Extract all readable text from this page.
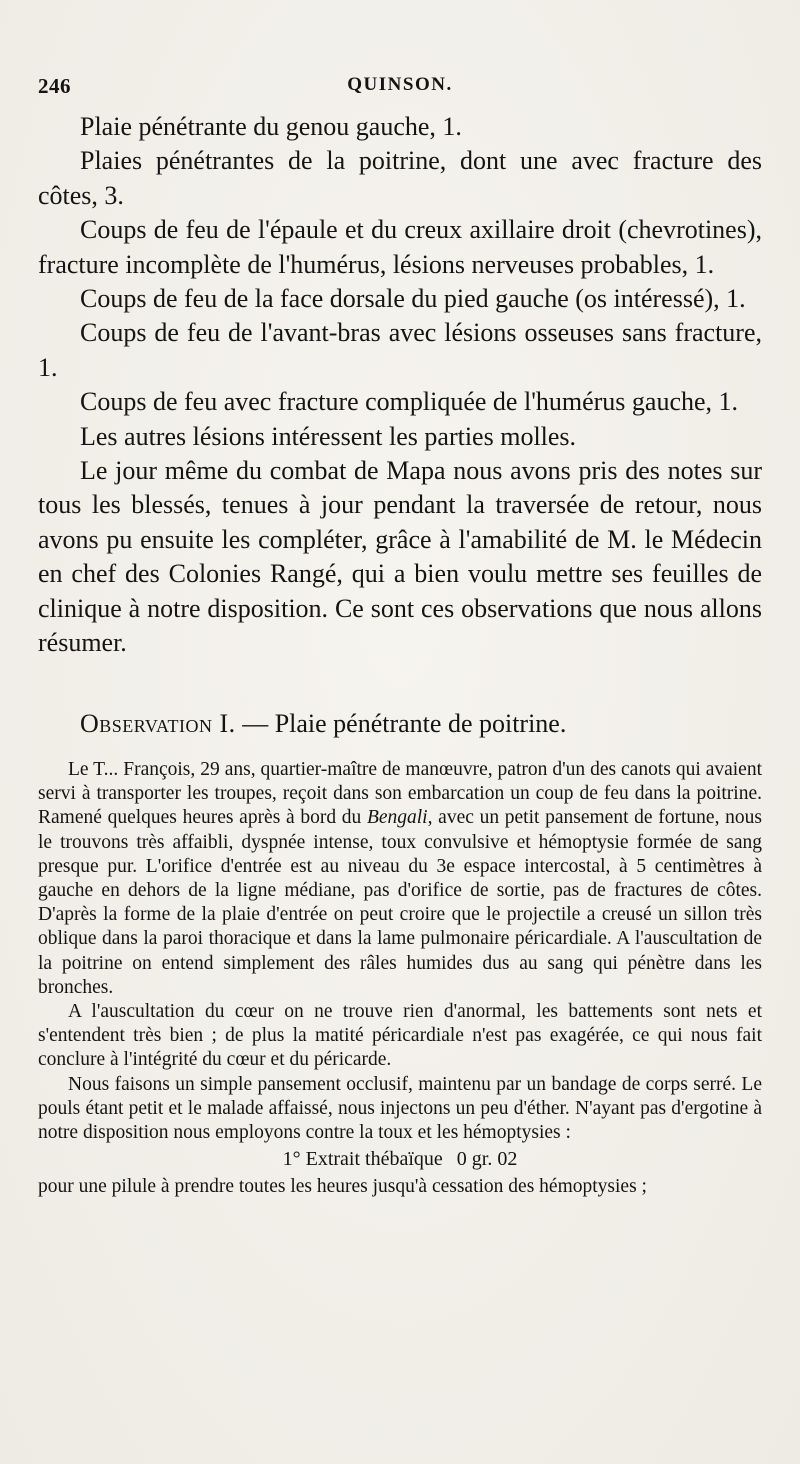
246	QUINSON.

Plaie pénétrante du genou gauche, 1.

Plaies pénétrantes de la poitrine, dont une avec fracture des côtes, 3.

Coups de feu de l'épaule et du creux axillaire droit (chevrotines), fracture incomplète de l'humérus, lésions nerveuses probables, 1.

Coups de feu de la face dorsale du pied gauche (os intéressé), 1.

Coups de feu de l'avant-bras avec lésions osseuses sans fracture, 1.

Coups de feu avec fracture compliquée de l'humérus gauche, 1.

Les autres lésions intéressent les parties molles.

Le jour même du combat de Mapa nous avons pris des notes sur tous les blessés, tenues à jour pendant la traversée de retour, nous avons pu ensuite les compléter, grâce à l'amabilité de M. le Médecin en chef des Colonies Rangé, qui a bien voulu mettre ses feuilles de clinique à notre disposition. Ce sont ces observations que nous allons résumer.

Observation I. — Plaie pénétrante de poitrine.

Le T... François, 29 ans, quartier-maître de manœuvre, patron d'un des canots qui avaient servi à transporter les troupes, reçoit dans son embarcation un coup de feu dans la poitrine. Ramené quelques heures après à bord du Bengali, avec un petit pansement de fortune, nous le trouvons très affaibli, dyspnée intense, toux convulsive et hémoptysie formée de sang presque pur. L'orifice d'entrée est au niveau du 3e espace intercostal, à 5 centimètres à gauche en dehors de la ligne médiane, pas d'orifice de sortie, pas de fractures de côtes. D'après la forme de la plaie d'entrée on peut croire que le projectile a creusé un sillon très oblique dans la paroi thoracique et dans la lame pulmonaire péricardiale. A l'auscultation de la poitrine on entend simplement des râles humides dus au sang qui pénètre dans les bronches.

A l'auscultation du cœur on ne trouve rien d'anormal, les battements sont nets et s'entendent très bien ; de plus la matité péricardiale n'est pas exagérée, ce qui nous fait conclure à l'intégrité du cœur et du péricarde.

Nous faisons un simple pansement occlusif, maintenu par un bandage de corps serré. Le pouls étant petit et le malade affaissé, nous injectons un peu d'éther. N'ayant pas d'ergotine à notre disposition nous employons contre la toux et les hémoptysies :

1° Extrait thébaïque 0 gr. 02

pour une pilule à prendre toutes les heures jusqu'à cessation des hémoptysies ;
